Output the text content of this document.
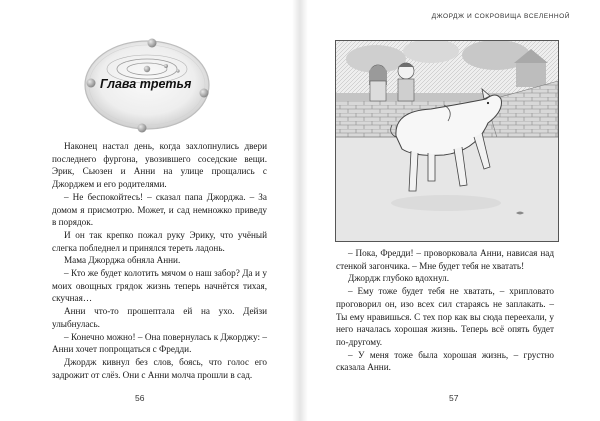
Глава третья

Наконец настал день, когда захлопнулись двери последнего фургона, увозившего соседские вещи. Эрик, Сьюзен и Анни на улице прощались с Джорджем и его родителями.

– Не беспокойтесь! – сказал папа Джорджа. – За домом я присмотрю. Может, и сад немножко приведу в порядок.

И он так крепко пожал руку Эрику, что учёный слегка побледнел и принялся тереть ладонь.

Мама Джорджа обняла Анни.

– Кто же будет колотить мячом о наш забор? Да и у моих овощных грядок жизнь теперь начнётся тихая, скучная…

Анни что-то прошептала ей на ухо. Дейзи улыбнулась.

– Конечно можно! – Она повернулась к Джорджу: – Анни хочет попрощаться с Фредди.

Джордж кивнул без слов, боясь, что голос его задрожит от слёз. Они с Анни молча прошли в сад.

56
ДЖОРДЖ И СОКРОВИЩА ВСЕЛЕННОЙ
57

– Пока, Фредди! – проворковала Анни, нависая над стенкой загончика. – Мне будет тебя не хватать!

Джордж глубоко вдохнул.

– Ему тоже будет тебя не хватать, – хрипловато проговорил он, изо всех сил стараясь не заплакать. – Ты ему нравишься. С тех пор как вы сюда переехали, у него началась хорошая жизнь. Теперь всё опять будет по-другому.

– У меня тоже была хорошая жизнь, – грустно сказала Анни.
